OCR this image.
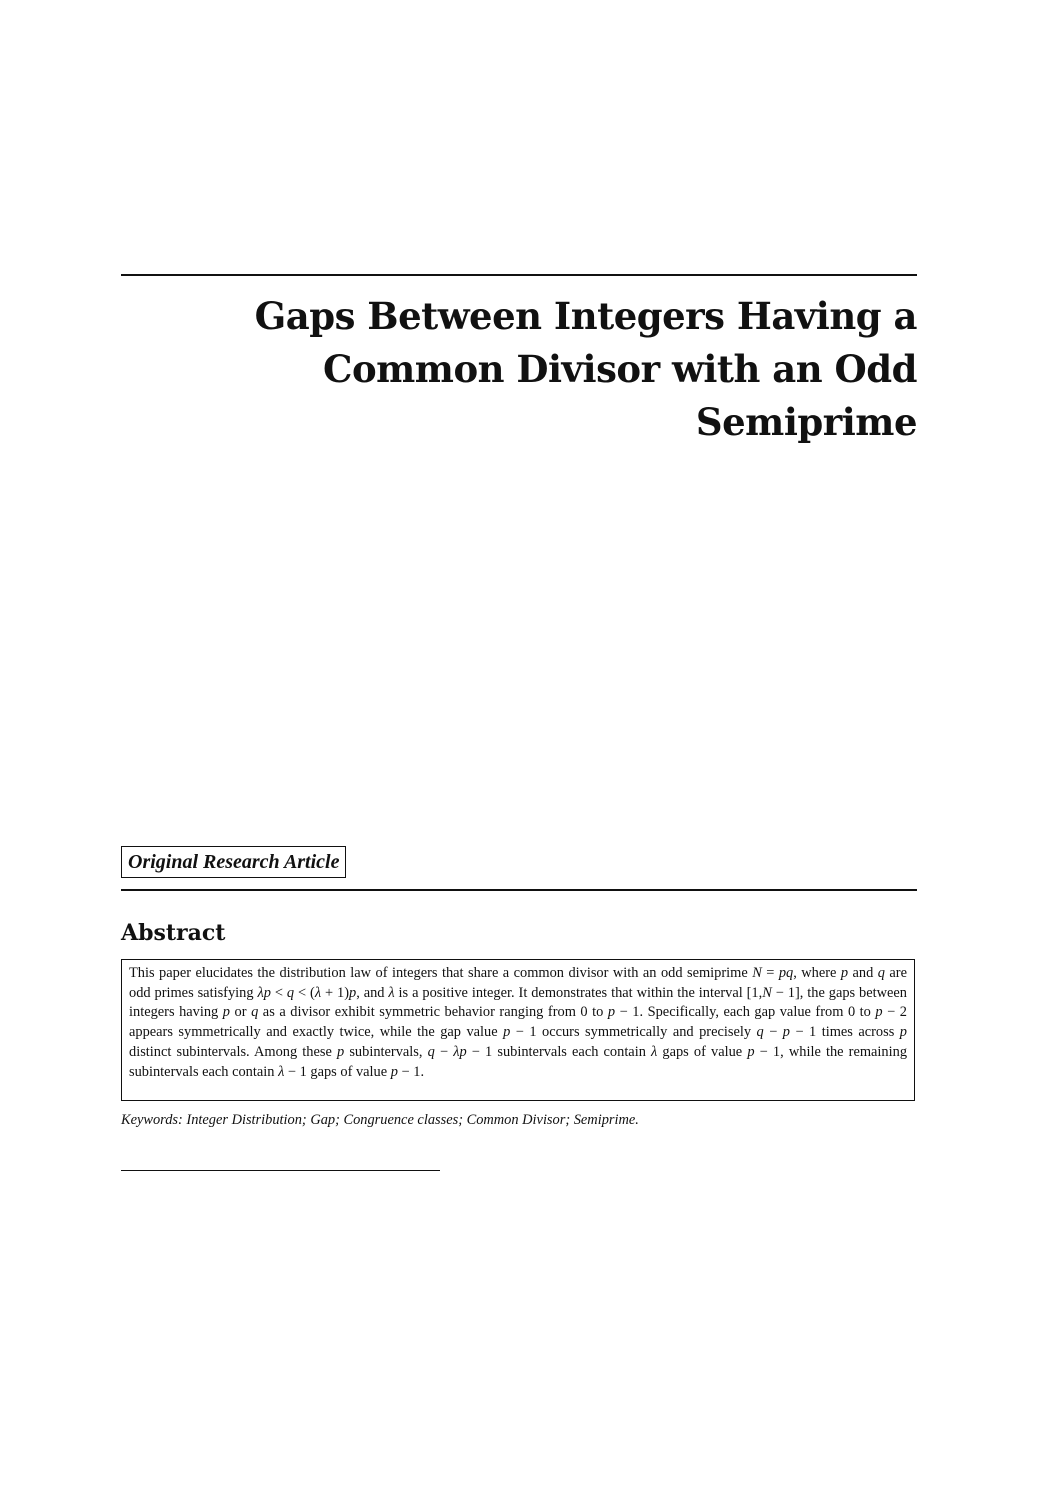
Gaps Between Integers Having a
Common Divisor with an Odd
Semiprime
Original Research Article
Abstract
This paper elucidates the distribution law of integers that share a common divisor with an odd semiprime N = pq, where p and q are odd primes satisfying λp < q < (λ + 1)p, and λ is a positive integer. It demonstrates that within the interval [1,N − 1], the gaps between integers having p or q as a divisor exhibit symmetric behavior ranging from 0 to p − 1. Specifically, each gap value from 0 to p − 2 appears symmetrically and exactly twice, while the gap value p − 1 occurs symmetrically and precisely q − p − 1 times across p distinct subintervals. Among these p subintervals, q − λp − 1 subintervals each contain λ gaps of value p − 1, while the remaining subintervals each contain λ − 1 gaps of value p − 1.
Keywords: Integer Distribution; Gap; Congruence classes; Common Divisor; Semiprime.
